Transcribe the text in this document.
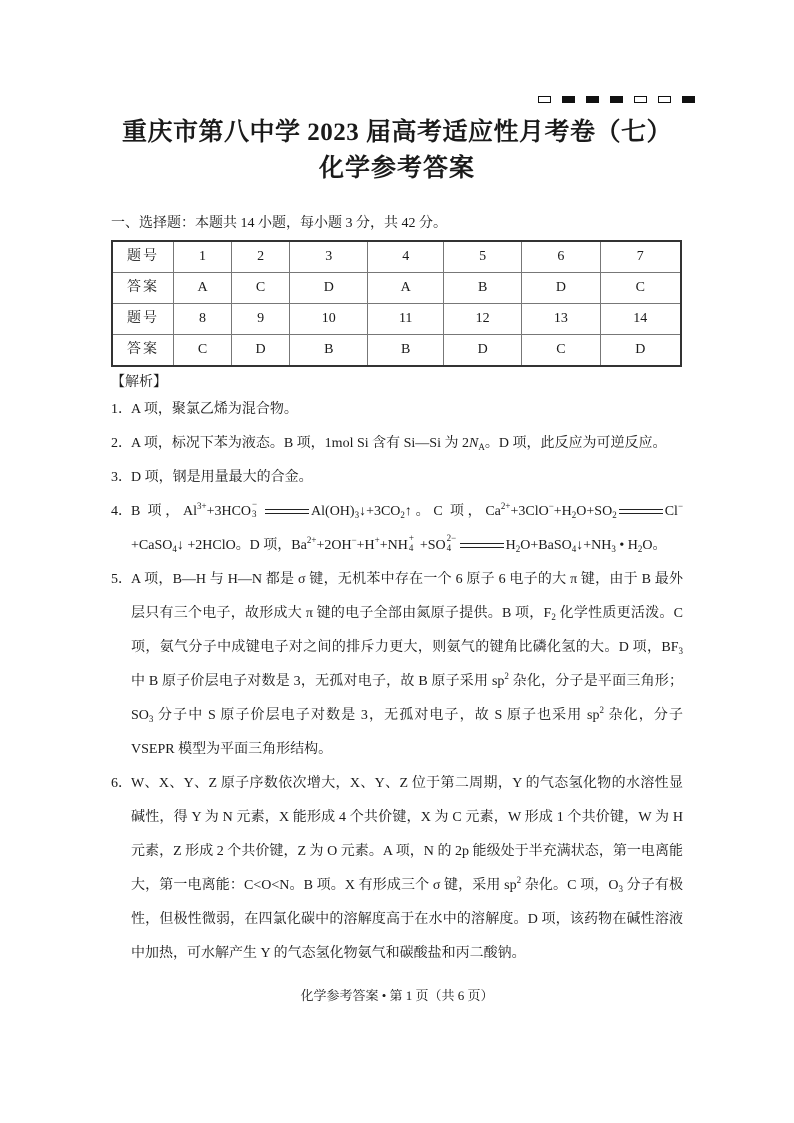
重庆市第八中学 2023 届高考适应性月考卷（七）
化学参考答案
一、选择题：本题共 14 小题，每小题 3 分，共 42 分。
题号	1	2	3	4	5	6	7
答案	A	C	D	A	B	D	C
题号	8	9	10	11	12	13	14
答案	C	D	B	B	D	C	D
【解析】
1．A 项，聚氯乙烯为混合物。
2．A 项，标况下苯为液态。B 项，1mol Si 含有 Si—Si 为 $2N_A$。D 项，此反应为可逆反应。
3．D 项，钢是用量最大的合金。
4．B 项，$Al^{3+}+3HCO$ −
3	$Al(OH)_3↓+3CO_2↑$。C 项，$Ca^{2+}+3ClO^-+H_2O+SO_2$	Cl−+CaSO$_4$↓ +2HClO。D 项，$Ba^{2+}+2OH^-+H^++NH$ +
4 +SO 2−
4	$H_2O+BaSO_4↓+NH_3$ • $H_2O$。
5．A 项，B—H 与 H—N 都是 σ 键，无机苯中存在一个 6 原子 6 电子的大 π 键，由于 B 最外层只有三个电子，故形成大 π 键的电子全部由氮原子提供。B 项，$F_2$ 化学性质更活泼。C 项，氨气分子中成键电子对之间的排斥力更大，则氨气的键角比磷化氢的大。D 项，$BF_3$ 中 B 原子价层电子对数是 3，无孤对电子，故 B 原子采用 $sp^2$ 杂化，分子是平面三角形；$SO_3$ 分子中 S 原子价层电子对数是 3，无孤对电子，故 S 原子也采用 $sp^2$ 杂化，分子 VSEPR 模型为平面三角形结构。
6．W、X、Y、Z 原子序数依次增大，X、Y、Z 位于第二周期，Y 的气态氢化物的水溶性显碱性，得 Y 为 N 元素，X 能形成 4 个共价键，X 为 C 元素，W 形成 1 个共价键，W 为 H 元素，Z 形成 2 个共价键，Z 为 O 元素。A 项，N 的 2p 能级处于半充满状态，第一电离能大，第一电离能：C<O<N。B 项。X 有形成三个 σ 键，采用 $sp^2$ 杂化。C 项，$O_3$ 分子有极性，但极性微弱，在四氯化碳中的溶解度高于在水中的溶解度。D 项，该药物在碱性溶液中加热，可水解产生 Y 的气态氢化物氨气和碳酸盐和丙二酸钠。
化学参考答案 • 第 1 页（共 6 页）
